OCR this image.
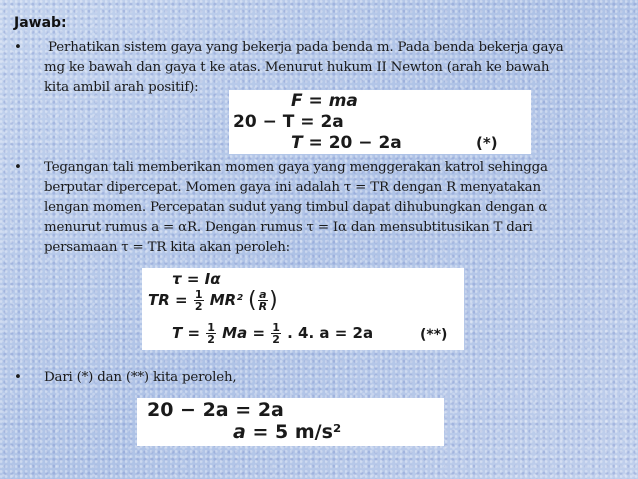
Jawab:
• Perhatikan sistem gaya yang bekerja pada benda m. Pada benda bekerja gaya
mg ke bawah dan gaya t ke atas. Menurut hukum II Newton (arah ke bawah
kita ambil arah positif):
F = ma
20 − T = 2a
T = 20 − 2a	(*)
• Tegangan tali memberikan momen gaya yang menggerakan katrol sehingga
berputar dipercepat. Momen gaya ini adalah τ = TR dengan R menyatakan
lengan momen. Percepatan sudut yang timbul dapat dihubungkan dengan α
menurut rumus a = αR. Dengan rumus τ = Iα dan mensubtitusikan T dari
persamaan τ = TR kita akan peroleh:
τ = Iα
TR = $\frac{1}{2} MR^2$ ( $\frac{a}{R}$ )
$T = \frac{1}{2}$ $Ma = \frac{1}{2}$ . 4. a = 2a	(**)
• Dari (*) dan (**) kita peroleh,
20 − 2a = 2a
a = 5 m/s²
